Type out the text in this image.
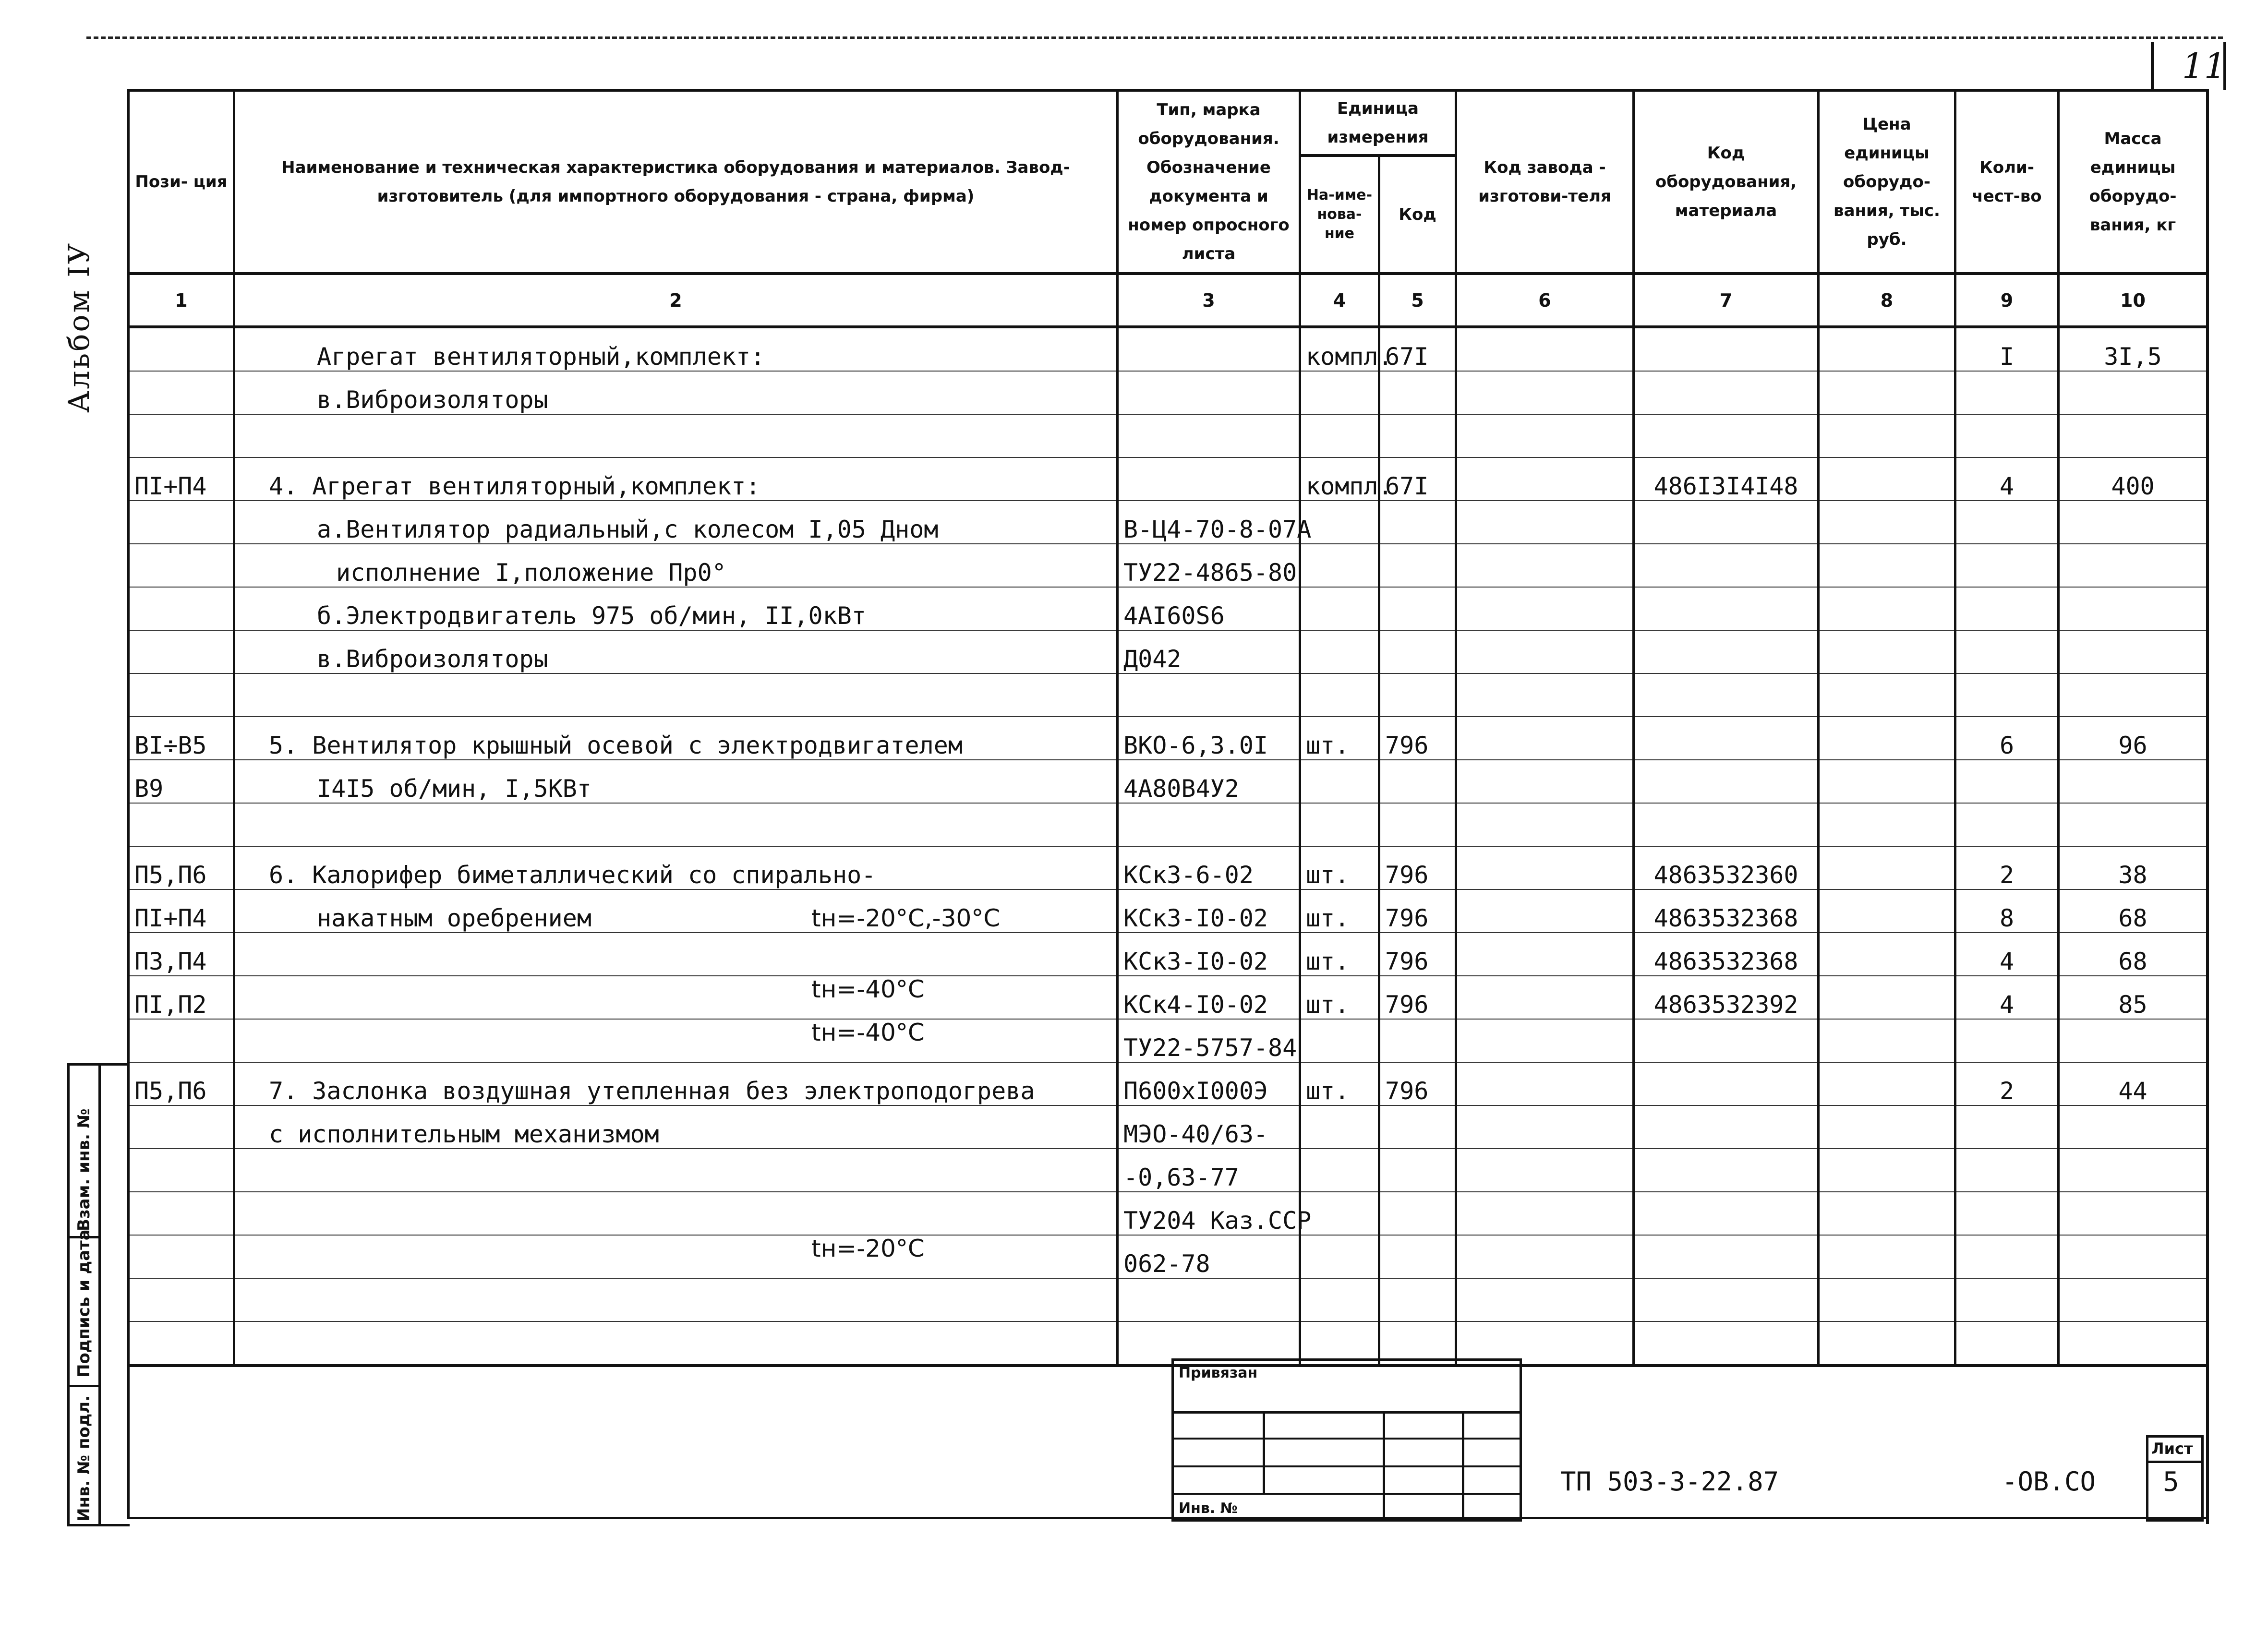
11
Альбом IУ
Инв. № подл.
Подпись и дата
Взам. инв. №
Пози- ция	Наименование и техническая характеристика оборудования и материалов. Завод-изготовитель (для импортного оборудования - страна, фирма)	Тип, марка оборудования. Обозначение документа и номер опросного листа	Единица измерения		Код завода - изготови-теля	Код оборудования, материала	Цена единицы оборудо-вания, тыс. руб.	Коли-чест-во	Масса единицы оборудо-вания, кг
			На-име-нова-ние	Код					
1	2	3	4	5	6	7	8	9	10
	Агрегат вентиляторный,комплект:		компл.	67I				I	3I,5
	в.Виброизоляторы								

ПI+П4	4. Агрегат вентиляторный,комплект:		компл.	67I		486I3I4I48		4	400
	а.Вентилятор радиальный,с колесом I,05 Дном	В-Ц4-70-8-07А							
	исполнение I,положение Пр0°	ТУ22-4865-80							
	б.Электродвигатель 975 об/мин, II,0кВт	4АI60S6							
	в.Виброизоляторы	Д042							

ВI÷В5	5. Вентилятор крышный осевой с электродвигателем	ВКО-6,3.0I	шт.	796				6	96
В9	I4I5 об/мин, I,5КВт	4А80В4У2							

П5,П6	6. Калорифер биметаллический со спирально-	КСк3-6-02	шт.	796		4863532360		2	38
ПI+П4	накатным оребрением tн=-20°С,-30°С	КСк3-I0-02	шт.	796		4863532368		8	68
П3,П4	tн=-40°С	КСк3-I0-02	шт.	796		4863532368		4	68
ПI,П2	tн=-40°С	КСк4-I0-02	шт.	796		4863532392		4	85
		ТУ22-5757-84							
П5,П6	7. Заслонка воздушная утепленная без электроподогрева	П600хI000Э	шт.	796				2	44
	с исполнительным механизмом	МЭО-40/63-							
		-0,63-77							

	tн=-20°С	ТУ204 Каз.ССР							
		062-78							

Привязан
Инв. №
ТП 503-3-22.87	-ОВ.СО
Лист
5
